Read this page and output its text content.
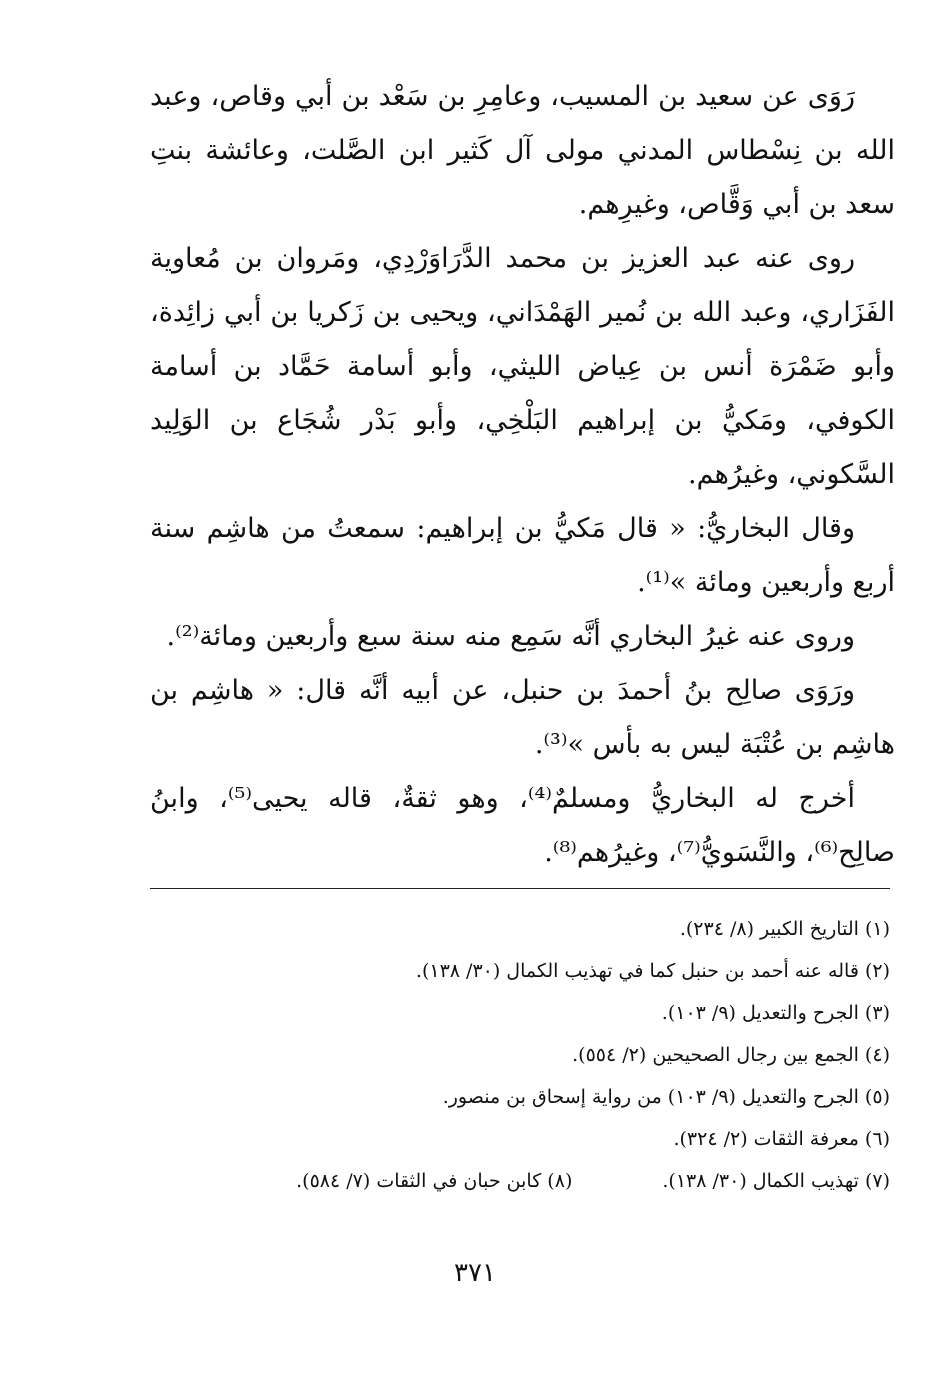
رَوَى عن سعيد بن المسيب، وعامِرِ بن سَعْد بن أبي وقاص، وعبد الله بن نِسْطاس المدني مولى آل كَثير ابن الصَّلت، وعائشة بنتِ سعد بن أبي وَقَّاص، وغيرِهم.

روى عنه عبد العزيز بن محمد الدَّرَاوَرْدِي، ومَروان بن مُعاوية الفَزَاري، وعبد الله بن نُمير الهَمْدَاني، ويحيى بن زَكريا بن أبي زائِدة، وأبو ضَمْرَة أنس بن عِياض الليثي، وأبو أسامة حَمَّاد بن أسامة الكوفي، ومَكيُّ بن إبراهيم البَلْخِي، وأبو بَدْر شُجَاع بن الوَلِيد السَّكوني، وغيرُهم.

وقال البخاريُّ: « قال مَكيُّ بن إبراهيم: سمعتُ من هاشِم سنة أربع وأربعين ومائة »⁽¹⁾.

وروى عنه غيرُ البخاري أنَّه سَمِع منه سنة سبع وأربعين ومائة⁽²⁾.

ورَوَى صالِح بنُ أحمدَ بن حنبل، عن أبيه أنَّه قال: « هاشِم بن هاشِم بن عُتْبَة ليس به بأس »⁽³⁾.

أخرج له البخاريُّ ومسلمٌ⁽⁴⁾، وهو ثقةٌ، قاله يحيى⁽⁵⁾، وابنُ صالِح⁽⁶⁾، والنَّسَويُّ⁽⁷⁾، وغيرُهم⁽⁸⁾.

(١) التاريخ الكبير (٨/ ٢٣٤).

(٢) قاله عنه أحمد بن حنبل كما في تهذيب الكمال (٣٠/ ١٣٨).

(٣) الجرح والتعديل (٩/ ١٠٣).

(٤) الجمع بين رجال الصحيحين (٢/ ٥٥٤).

(٥) الجرح والتعديل (٩/ ١٠٣) من رواية إسحاق بن منصور.

(٦) معرفة الثقات (٢/ ٣٢٤).

(٧) تهذيب الكمال (٣٠/ ١٣٨).

(٨) كابن حبان في الثقات (٧/ ٥٨٤).

٣٧١
